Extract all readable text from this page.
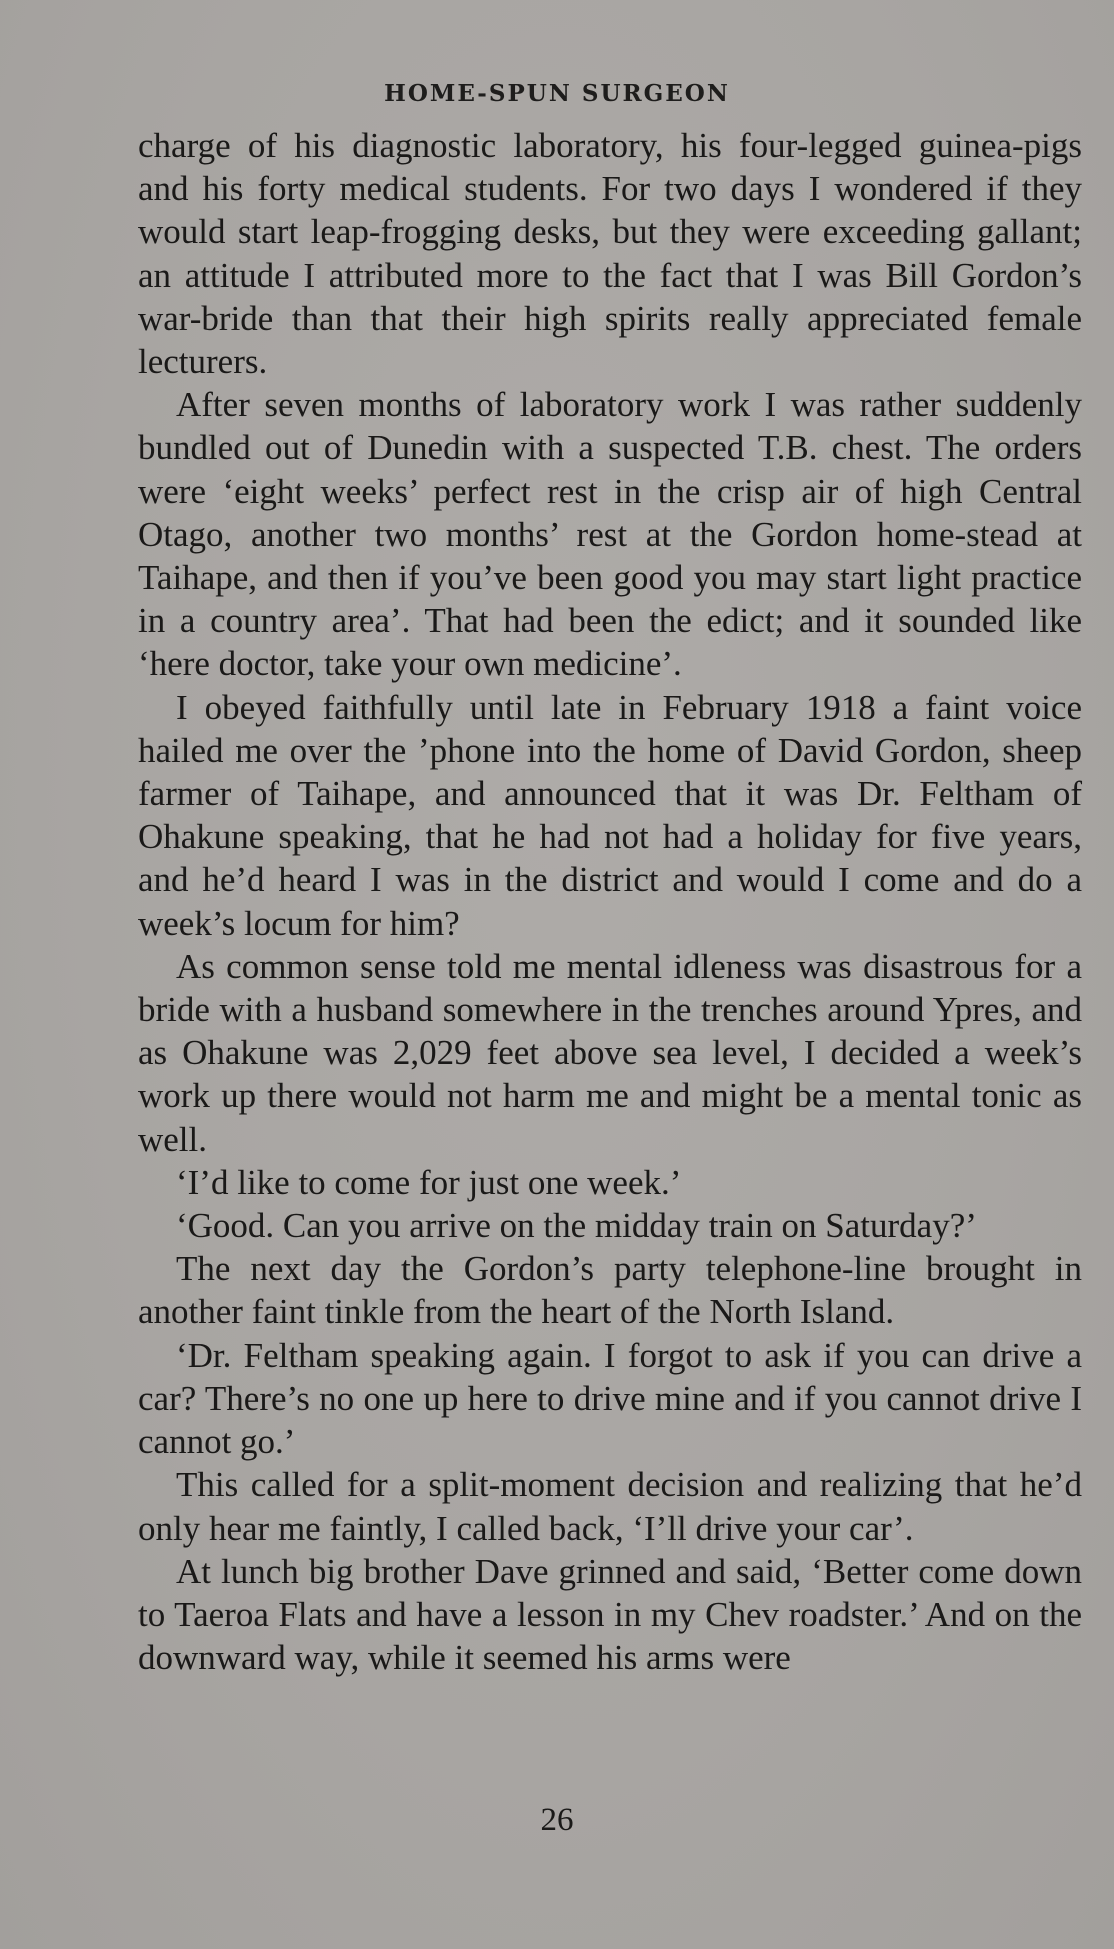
HOME-SPUN SURGEON

charge of his diagnostic laboratory, his four-legged guinea-pigs and his forty medical students. For two days I wondered if they would start leap-frogging desks, but they were exceeding gallant; an attitude I attributed more to the fact that I was Bill Gordon’s war-bride than that their high spirits really appreciated female lecturers.

After seven months of laboratory work I was rather suddenly bundled out of Dunedin with a suspected T.B. chest. The orders were ‘eight weeks’ perfect rest in the crisp air of high Central Otago, another two months’ rest at the Gordon home-stead at Taihape, and then if you’ve been good you may start light practice in a country area’. That had been the edict; and it sounded like ‘here doctor, take your own medicine’.

I obeyed faithfully until late in February 1918 a faint voice hailed me over the ’phone into the home of David Gordon, sheep farmer of Taihape, and announced that it was Dr. Feltham of Ohakune speaking, that he had not had a holiday for five years, and he’d heard I was in the district and would I come and do a week’s locum for him?

As common sense told me mental idleness was disastrous for a bride with a husband somewhere in the trenches around Ypres, and as Ohakune was 2,029 feet above sea level, I decided a week’s work up there would not harm me and might be a mental tonic as well.

‘I’d like to come for just one week.’

‘Good. Can you arrive on the midday train on Saturday?’

The next day the Gordon’s party telephone-line brought in another faint tinkle from the heart of the North Island.

‘Dr. Feltham speaking again. I forgot to ask if you can drive a car? There’s no one up here to drive mine and if you cannot drive I cannot go.’

This called for a split-moment decision and realizing that he’d only hear me faintly, I called back, ‘I’ll drive your car’.

At lunch big brother Dave grinned and said, ‘Better come down to Taeroa Flats and have a lesson in my Chev roadster.’ And on the downward way, while it seemed his arms were

26
